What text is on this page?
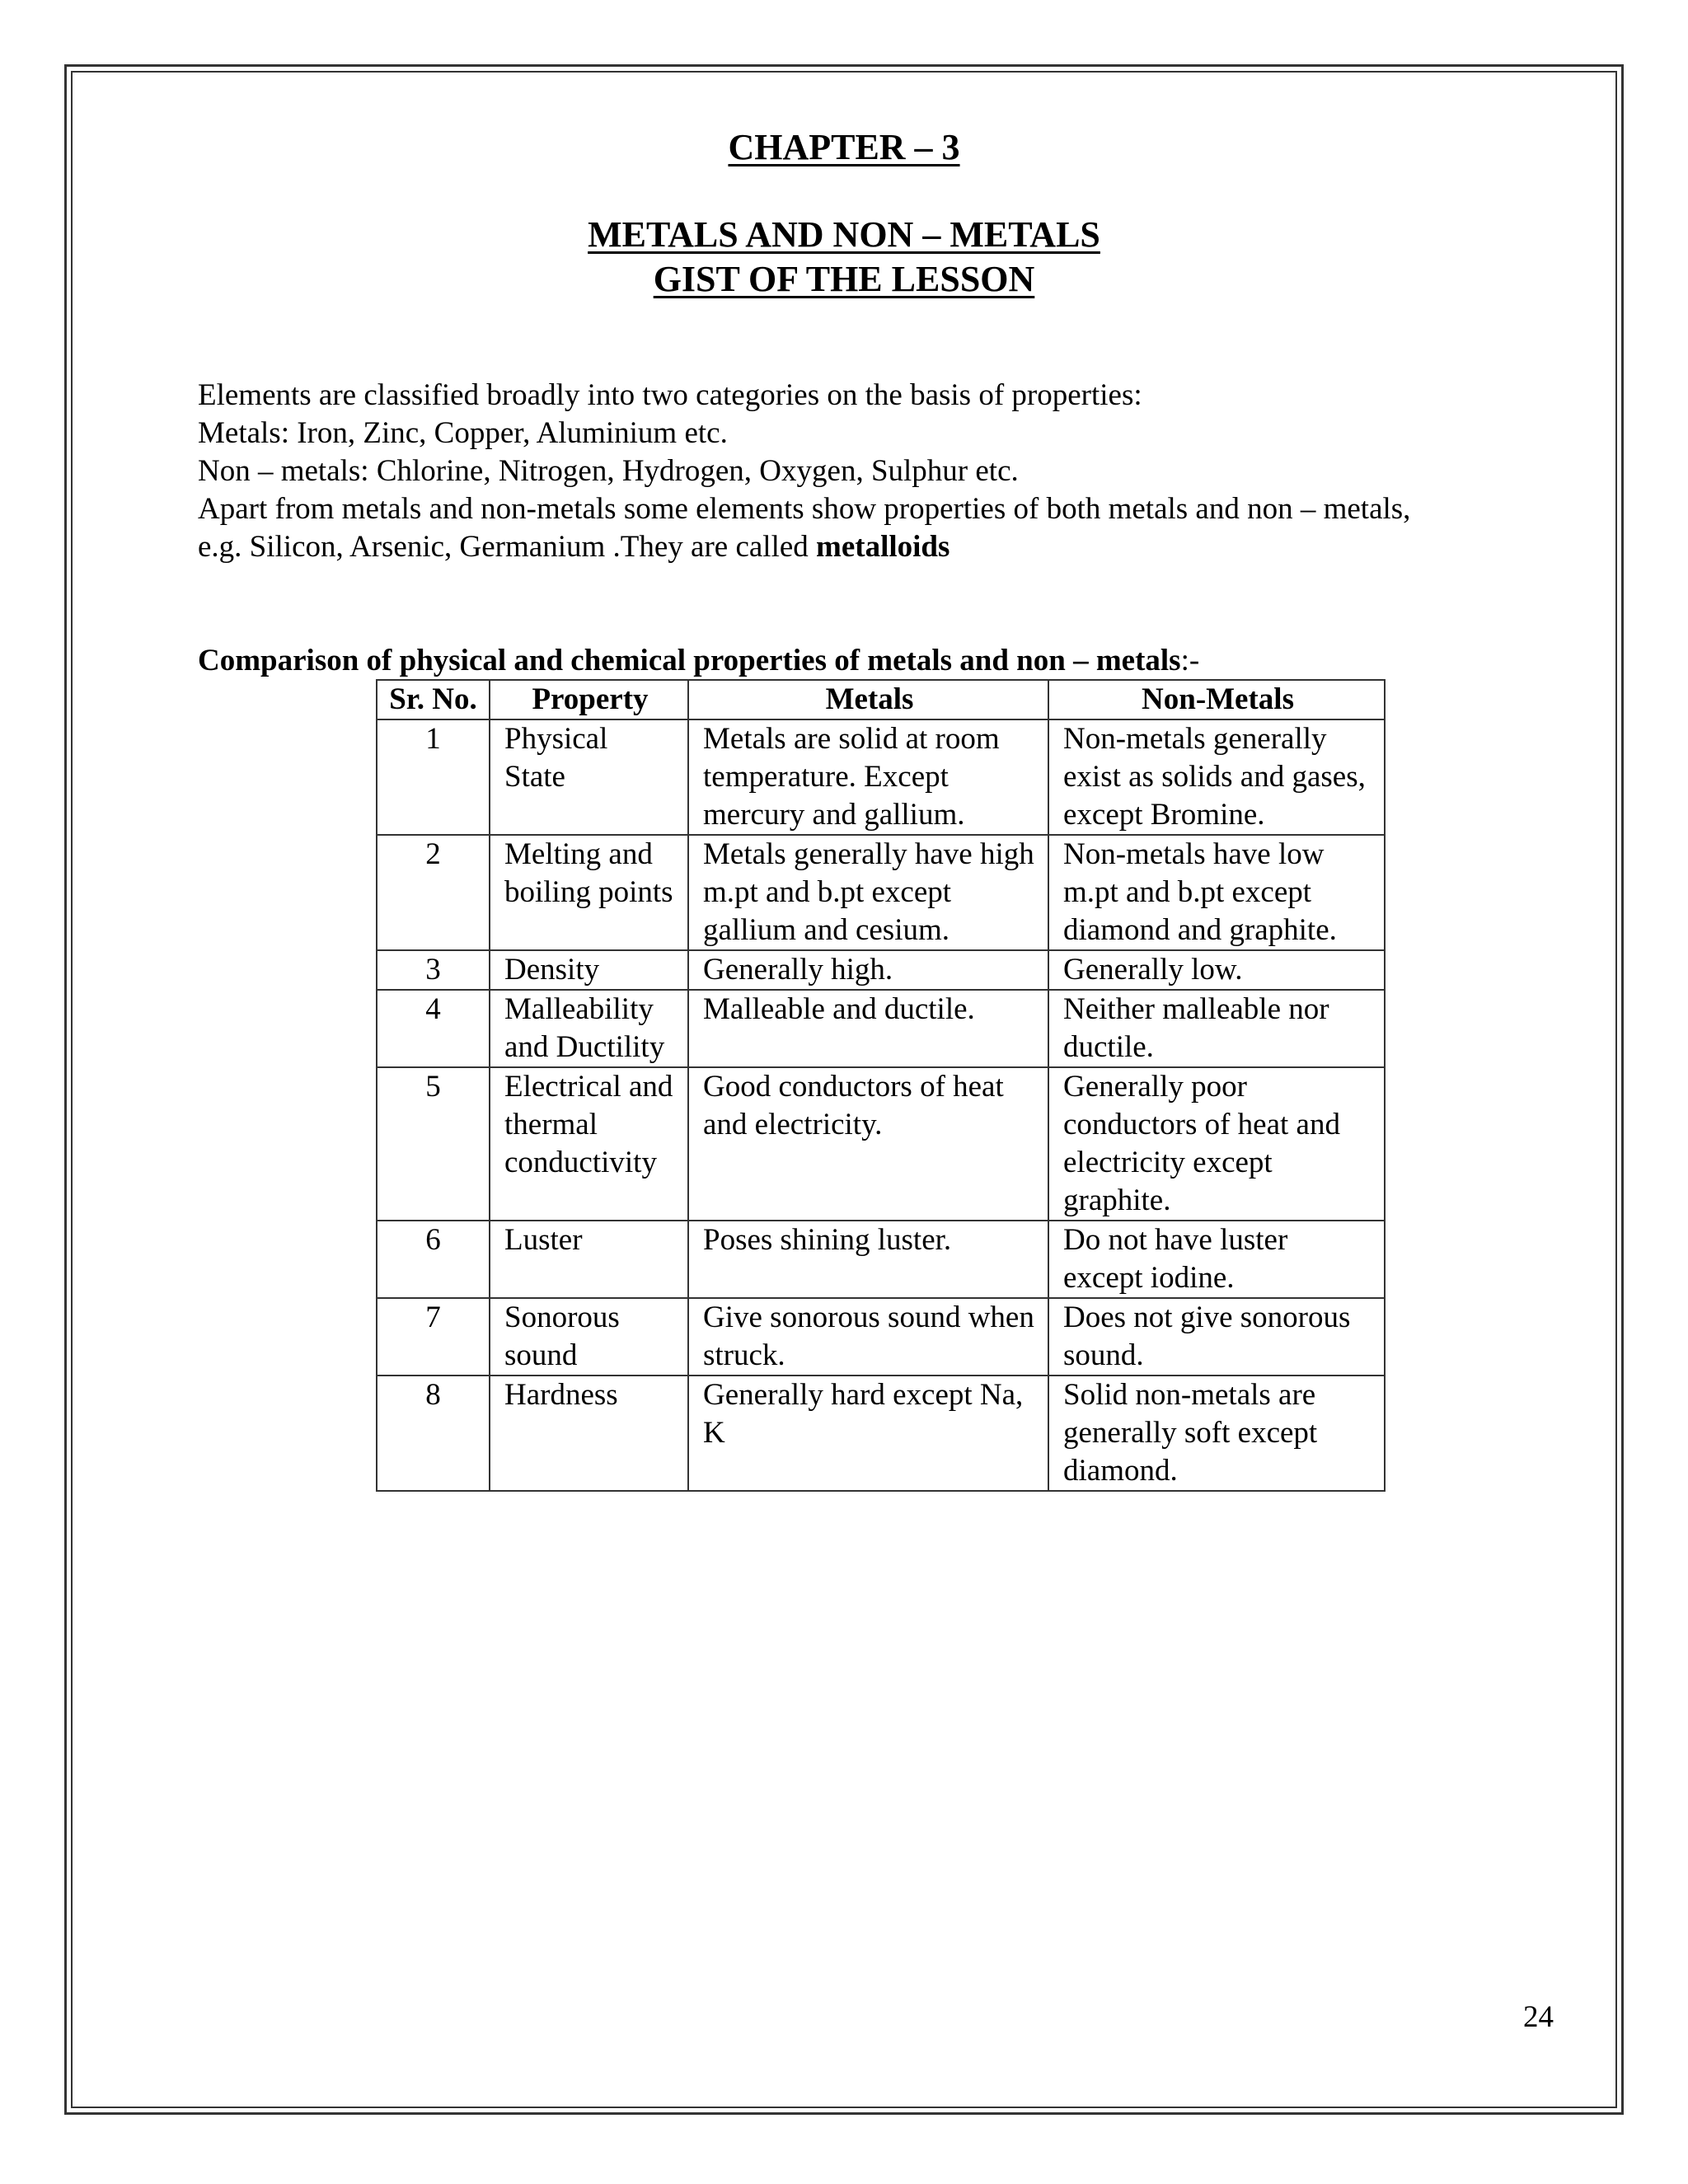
CHAPTER – 3
METALS AND NON – METALS
GIST OF THE LESSON

Elements are classified broadly into two categories on the basis of properties:

Metals: Iron, Zinc, Copper, Aluminium etc.

Non – metals: Chlorine, Nitrogen, Hydrogen, Oxygen, Sulphur etc.

Apart from metals and non-metals some elements show properties of both metals and non – metals,

e.g. Silicon, Arsenic, Germanium .They are called metalloids

Comparison of physical and chemical properties of metals and non – metals:-

Sr. No.	Property	Metals	Non-Metals
1	Physical State	Metals are solid at room temperature. Except mercury and gallium.	Non-metals generally exist as solids and gases, except Bromine.
2	Melting and boiling points	Metals generally have high m.pt and b.pt except gallium and cesium.	Non-metals have low m.pt and b.pt except diamond and graphite.
3	Density	Generally high.	Generally low.
4	Malleability and Ductility	Malleable and ductile.	Neither malleable nor ductile.
5	Electrical and thermal conductivity	Good conductors of heat and electricity.	Generally poor conductors of heat and electricity except graphite.
6	Luster	Poses shining luster.	Do not have luster except iodine.
7	Sonorous sound	Give sonorous sound when struck.	Does not give sonorous sound.
8	Hardness	Generally hard except Na, K	Solid non-metals are generally soft except diamond.
24
